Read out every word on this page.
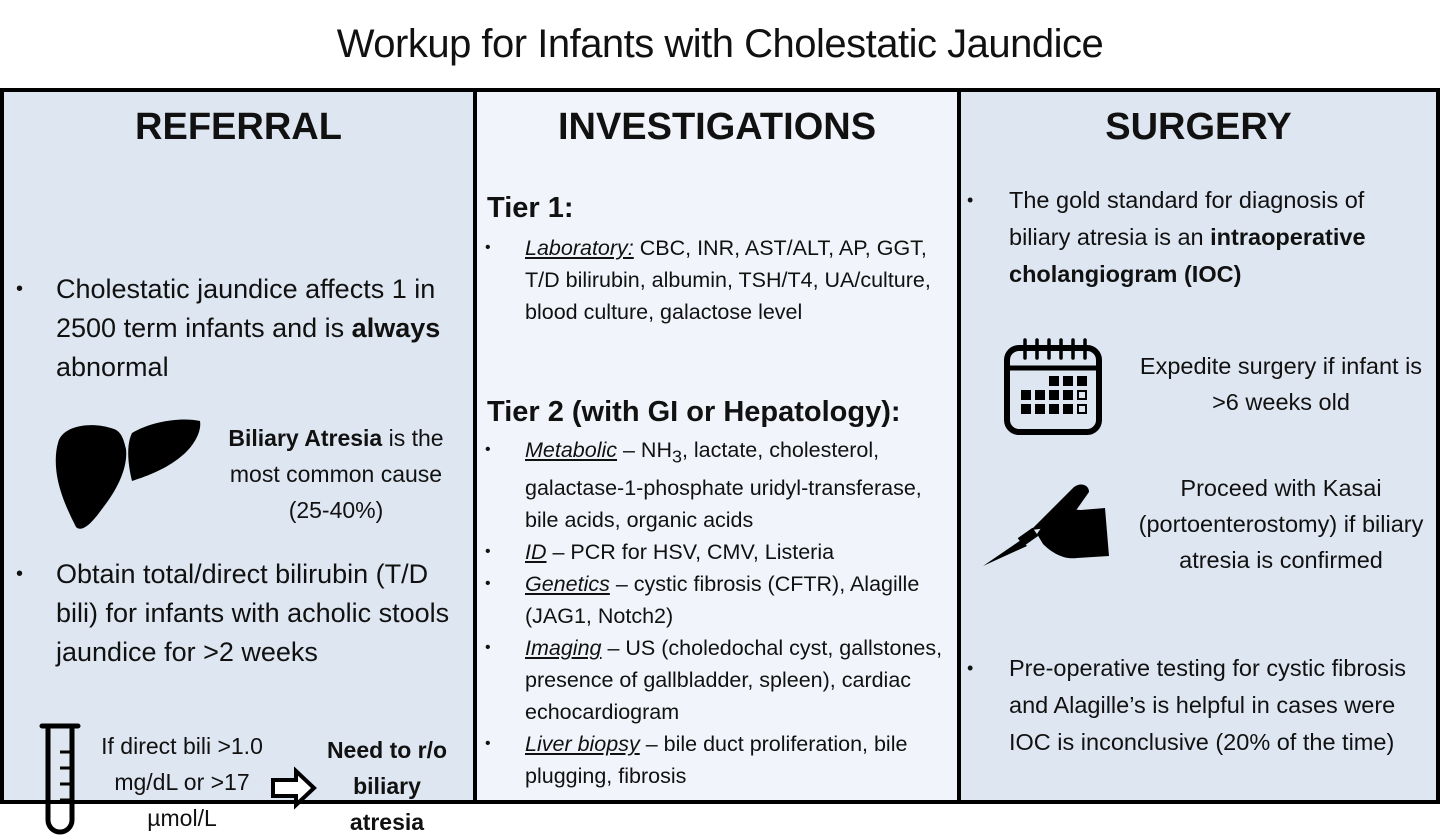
Workup for Infants with Cholestatic Jaundice
REFERRAL
•	Cholestatic jaundice affects 1 in 2500 term infants and is always abnormal
Biliary Atresia is the most common cause (25-40%)
•	Obtain total/direct bilirubin (T/D bili) for infants with acholic stools jaundice for >2 weeks
If direct bili >1.0 mg/dL or >17 µmol/L
Need to r/o biliary atresia
INVESTIGATIONS
Tier 1:
•	Laboratory: CBC, INR, AST/ALT, AP, GGT, T/D bilirubin, albumin, TSH/T4, UA/culture, blood culture, galactose level
Tier 2 (with GI or Hepatology):
•	Metabolic – $NH_3$, lactate, cholesterol, galactase-1-phosphate uridyl-transferase, bile acids, organic acids
•	ID – PCR for HSV, CMV, Listeria
•	Genetics – cystic fibrosis (CFTR), Alagille (JAG1, Notch2)
•	Imaging – US (choledochal cyst, gallstones, presence of gallbladder, spleen), cardiac echocardiogram
•	Liver biopsy – bile duct proliferation, bile plugging, fibrosis
SURGERY
•	The gold standard for diagnosis of biliary atresia is an intraoperative cholangiogram (IOC)
Expedite surgery if infant is >6 weeks old
Proceed with Kasai (portoenterostomy) if biliary atresia is confirmed
•	Pre-operative testing for cystic fibrosis and Alagille’s is helpful in cases were IOC is inconclusive (20% of the time)
